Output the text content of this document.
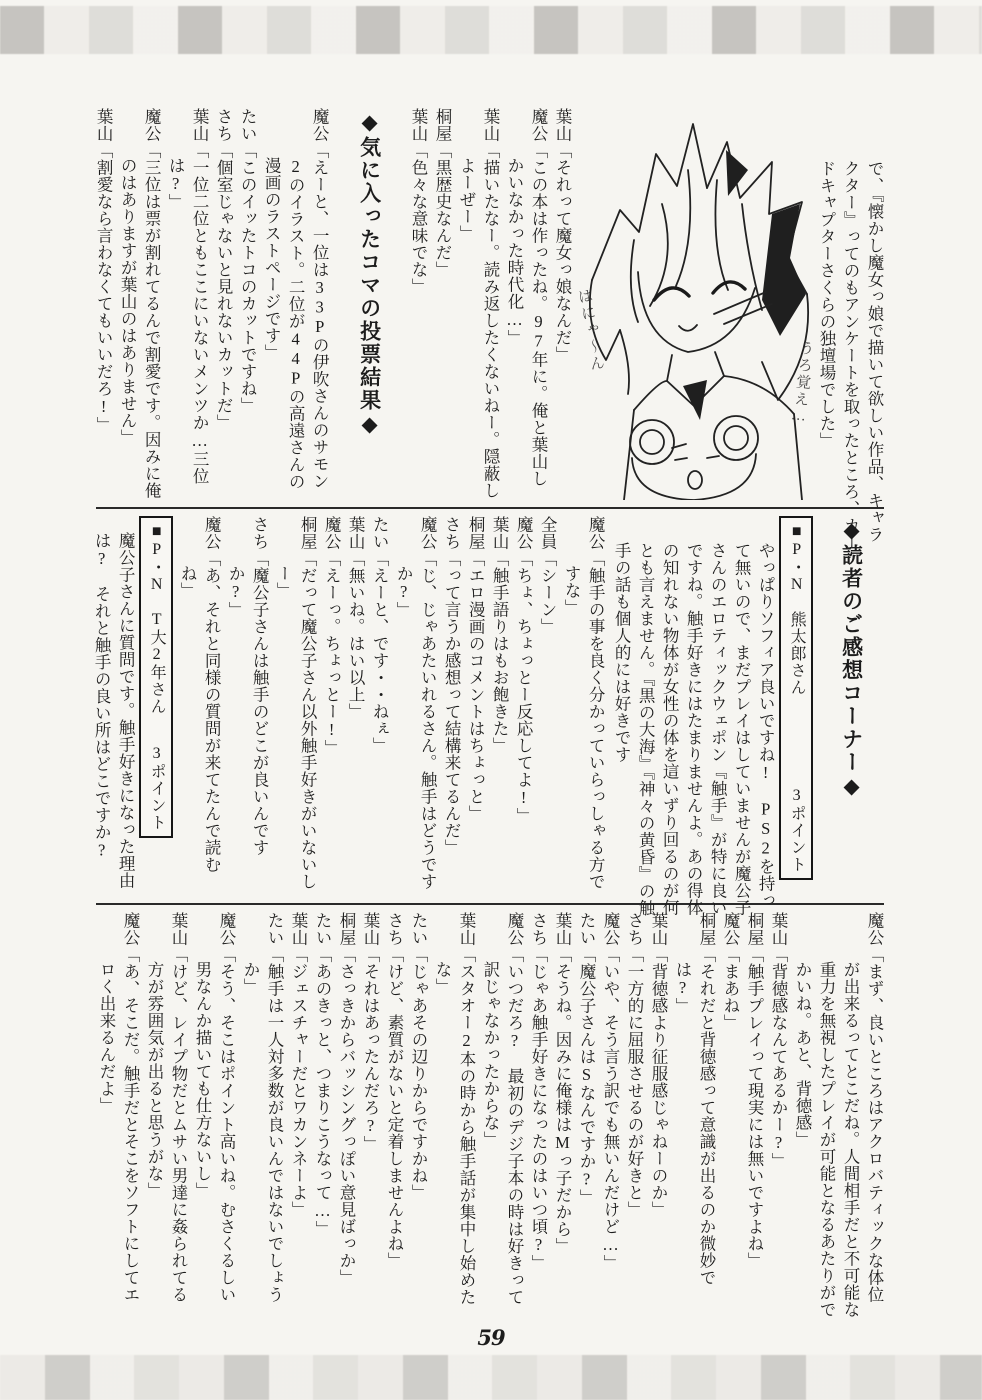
で、『懐かし魔女っ娘で描いて欲しい作品、キャラクター』ってのもアンケートを取ったところ、カードキャプターさくらの独壇場でした」
はにゃ〜ん
うろ覚え…

葉山「それって魔女っ娘なんだ」

魔公「この本は作ったね。97年に。俺と葉山しかいなかった時代化…」

葉山「描いたなー。読み返したくないねー。隠蔽しよーぜー」

桐屋「黒歴史なんだ」

葉山「色々な意味でな」

◆気に入ったコマの投票結果◆

魔公「えーと、一位は33Pの伊吹さんのサモン2のイラスト。二位が44Pの高遠さんの漫画のラストページです」

たい「このイッたトコのカットですね」

さち「個室じゃないと見れないカットだ」

葉山「一位二位ともここにいないメンツか…三位は?」

魔公「三位は票が割れてるんで割愛です。因みに俺のはありますが葉山のはありません」

葉山「割愛なら言わなくてもいいだろ!」

◆読者のご感想コーナー◆
■P・N　熊太郎さん
3ポイント
やっぱりソフィア良いですね!　PS2を持って無いので、まだプレイはしていませんが魔公子さんのエロティックウェポン『触手』が特に良いですね。触手好きにはたまりませんよ。あの得体の知れない物体が女性の体を這いずり回るのが何とも言えません。『黒の大海』『神々の黄昏』の触手の話も個人的には好きです

魔公「触手の事を良く分かっていらっしゃる方ですな」

全員「シーン」

魔公「ちょ、ちょっとー反応してよ!」

葉山「触手語りはもお飽きた」

桐屋「エロ漫画のコメントはちょっと」

さち「って言うか感想って結構来てるんだ」

魔公「じ、じゃあたいれるさん。触手はどうですか?」

たい「えーと、です・・ねぇ」

葉山「無いね。はい以上」

魔公「えーっ。ちょっとー!」

桐屋「だって魔公子さん以外触手好きがいないしー」

さち「魔公子さんは触手のどこが良いんですか?」

魔公「あ、それと同様の質問が来てたんで読むね」

■P・N　T大2年さん
3ポイント
魔公子さんに質問です。触手好きになった理由は?　それと触手の良い所はどこですか?

魔公「まず、良いところはアクロバティックな体位が出来るってとこだね。人間相手だと不可能な重力を無視したプレイが可能となるあたりがでかいね。あと、背徳感」

葉山「背徳感なんてあるかー?」

桐屋「触手プレイって現実には無いですよね」

魔公「まあね」

桐屋「それだと背徳感って意識が出るのか微妙では?」

葉山「背徳感より征服感じゃねーのか」

さち「一方的に屈服させるのが好きと」

魔公「いや、そう言う訳でも無いんだけど…」

たい「魔公子さんはSなんですか?」

葉山「そうね。因みに俺様はMっ子だから」

さち「じゃあ触手好きになったのはいつ頃?」

魔公「いつだろ?　最初のデジ子本の時は好きって訳じゃなかったからな」

葉山「スタオー2本の時から触手話が集中し始めたな」

たい「じゃあその辺りからですかね」

さち「けど、素質がないと定着しませんよね」

葉山「それはあったんだろ?」

桐屋「さっきからバッシングっぽい意見ばっか」

たい「あのきっと、つまりこうなって…」

葉山「ジェスチャーだとワカンネーよ」

たい「触手は一人対多数が良いんではないでしょうか」

魔公「そう、そこはポイント高いね。むさくるしい男なんか描いても仕方ないし」

葉山「けど、レイプ物だとムサい男達に姦られてる方が雰囲気が出ると思うがな」

魔公「あ、そこだ。触手だとそこをソフトにしてエロく出来るんだよ」

59
